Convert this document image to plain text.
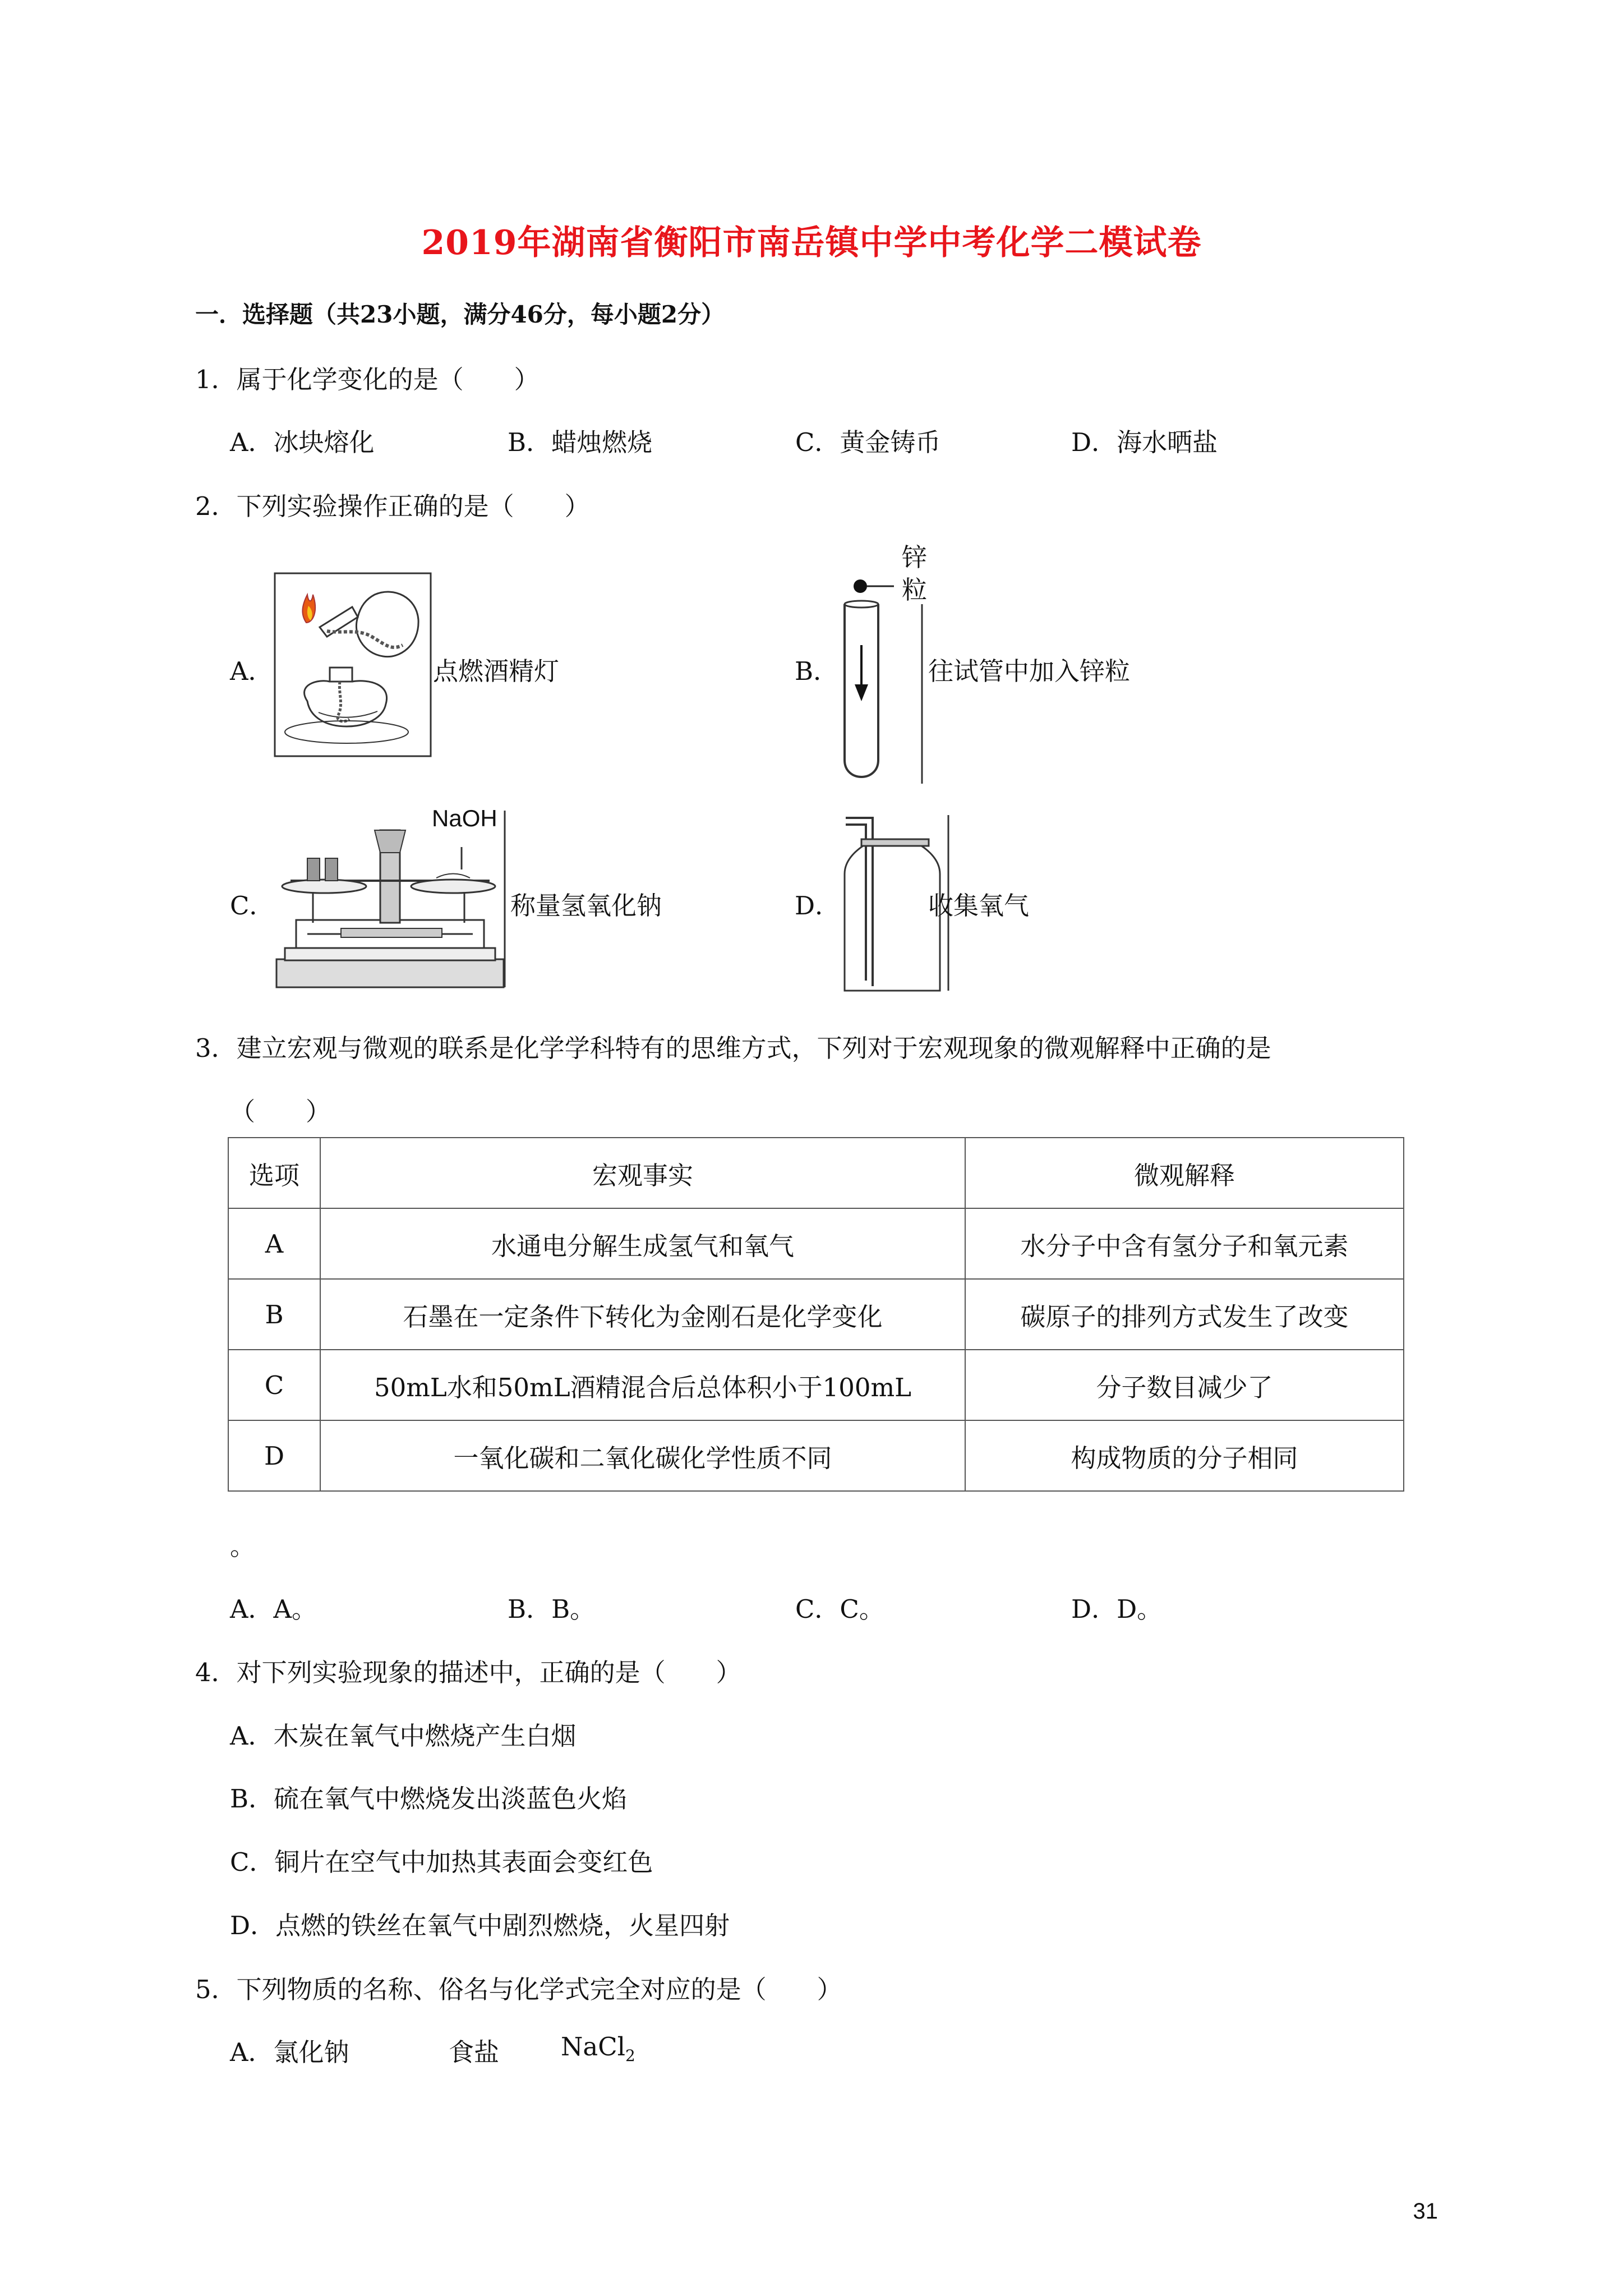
2019年湖南省衡阳市南岳镇中学中考化学二模试卷
一．选择题（共23小题，满分46分，每小题2分）
1．属于化学变化的是（　　）
A．冰块熔化	B．蜡烛燃烧	C．黄金铸币	D．海水晒盐
2．下列实验操作正确的是（　　）
A．	点燃酒精灯	B．
锌
粒
往试管中加入锌粒
C．
NaOH
称量氢氧化钠	D．	收集氧气
3．建立宏观与微观的联系是化学学科特有的思维方式，下列对于宏观现象的微观解释中正确的是
（　　）
选项	宏观事实	微观解释
A	水通电分解生成氢气和氧气	水分子中含有氢分子和氧元素
B	石墨在一定条件下转化为金刚石是化学变化	碳原子的排列方式发生了改变
C	50mL水和50mL酒精混合后总体积小于100mL	分子数目减少了
D	一氧化碳和二氧化碳化学性质不同	构成物质的分子相同
。
A．A。	B．B。	C．C。	D．D。
4．对下列实验现象的描述中，正确的是（　　）
A．木炭在氧气中燃烧产生白烟
B．硫在氧气中燃烧发出淡蓝色火焰
C．铜片在空气中加热其表面会变红色
D．点燃的铁丝在氧气中剧烈燃烧，火星四射
5．下列物质的名称、俗名与化学式完全对应的是（　　）
A．氯化钠	食盐 NaCl$_2$
31
